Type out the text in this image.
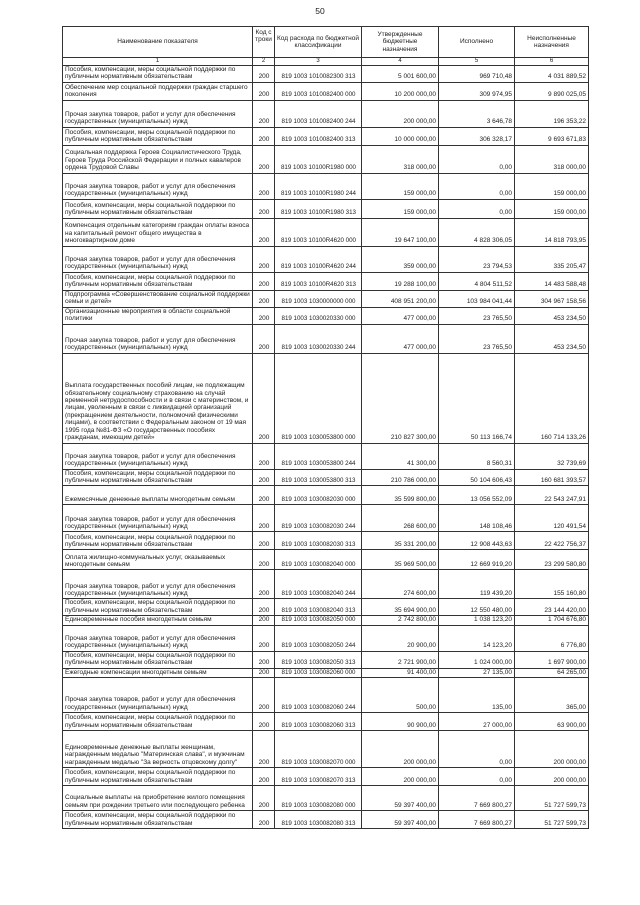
50
Наименование показателя	Код строки	Код расхода по бюджетной классификации	Утвержденные бюджетные назначения	Исполнено	Неисполненные назначения
1	2	3	4	5	6
Пособия, компенсации, меры социальной поддержки по публичным нормативным обязательствам	200	819 1003 1010082300 313	5 001 600,00	969 710,48	4 031 889,52
Обеспечение мер социальной поддержки граждан старшего поколения	200	819 1003 1010082400 000	10 200 000,00	309 974,95	9 890 025,05
Прочая закупка товаров, работ и услуг для обеспечения государственных (муниципальных) нужд	200	819 1003 1010082400 244	200 000,00	3 646,78	196 353,22
Пособия, компенсации, меры социальной поддержки по публичным нормативным обязательствам	200	819 1003 1010082400 313	10 000 000,00	306 328,17	9 693 671,83
Социальная поддержка Героев Социалистического Труда, Героев Труда Российской Федерации и полных кавалеров ордена Трудовой Славы	200	819 1003 10100R1980 000	318 000,00	0,00	318 000,00
Прочая закупка товаров, работ и услуг для обеспечения государственных (муниципальных) нужд	200	819 1003 10100R1980 244	159 000,00	0,00	159 000,00
Пособия, компенсации, меры социальной поддержки по публичным нормативным обязательствам	200	819 1003 10100R1980 313	159 000,00	0,00	159 000,00
Компенсация отдельным категориям граждан оплаты взноса на капитальный ремонт общего имущества в многоквартирном доме	200	819 1003 10100R4620 000	19 647 100,00	4 828 306,05	14 818 793,95
Прочая закупка товаров, работ и услуг для обеспечения государственных (муниципальных) нужд	200	819 1003 10100R4620 244	359 000,00	23 794,53	335 205,47
Пособия, компенсации, меры социальной поддержки по публичным нормативным обязательствам	200	819 1003 10100R4620 313	19 288 100,00	4 804 511,52	14 483 588,48
Подпрограмма «Совершенствование социальной поддержки семьи и детей»	200	819 1003 1030000000 000	408 951 200,00	103 984 041,44	304 967 158,56
Организационные мероприятия в области социальной политики	200	819 1003 1030020330 000	477 000,00	23 765,50	453 234,50
Прочая закупка товаров, работ и услуг для обеспечения государственных (муниципальных) нужд	200	819 1003 1030020330 244	477 000,00	23 765,50	453 234,50
Выплата государственных пособий лицам, не подлежащим обязательному социальному страхованию на случай временной нетрудоспособности и в связи с материнством, и лицам, уволенным в связи с ликвидацией организаций (прекращением деятельности, полномочий физическими лицами), в соответствии с Федеральным законом от 19 мая 1995 года №81-ФЗ «О государственных пособиях гражданам, имеющим детей»	200	819 1003 1030053800 000	210 827 300,00	50 113 166,74	160 714 133,26
Прочая закупка товаров, работ и услуг для обеспечения государственных (муниципальных) нужд	200	819 1003 1030053800 244	41 300,00	8 560,31	32 739,69
Пособия, компенсации, меры социальной поддержки по публичным нормативным обязательствам	200	819 1003 1030053800 313	210 786 000,00	50 104 606,43	160 681 393,57
Ежемесячные денежные выплаты многодетным семьям	200	819 1003 1030082030 000	35 599 800,00	13 056 552,09	22 543 247,91
Прочая закупка товаров, работ и услуг для обеспечения государственных (муниципальных) нужд	200	819 1003 1030082030 244	268 600,00	148 108,46	120 491,54
Пособия, компенсации, меры социальной поддержки по публичным нормативным обязательствам	200	819 1003 1030082030 313	35 331 200,00	12 908 443,63	22 422 756,37
Оплата жилищно-коммунальных услуг, оказываемых многодетным семьям	200	819 1003 1030082040 000	35 969 500,00	12 669 919,20	23 299 580,80
Прочая закупка товаров, работ и услуг для обеспечения государственных (муниципальных) нужд	200	819 1003 1030082040 244	274 600,00	119 439,20	155 160,80
Пособия, компенсации, меры социальной поддержки по публичным нормативным обязательствам	200	819 1003 1030082040 313	35 694 900,00	12 550 480,00	23 144 420,00
Единовременные пособия многодетным семьям	200	819 1003 1030082050 000	2 742 800,00	1 038 123,20	1 704 676,80
Прочая закупка товаров, работ и услуг для обеспечения государственных (муниципальных) нужд	200	819 1003 1030082050 244	20 900,00	14 123,20	6 776,80
Пособия, компенсации, меры социальной поддержки по публичным нормативным обязательствам	200	819 1003 1030082050 313	2 721 900,00	1 024 000,00	1 697 900,00
Ежегодные компенсации многодетным семьям	200	819 1003 1030082060 000	91 400,00	27 135,00	64 265,00
Прочая закупка товаров, работ и услуг для обеспечения государственных (муниципальных) нужд	200	819 1003 1030082060 244	500,00	135,00	365,00
Пособия, компенсации, меры социальной поддержки по публичным нормативным обязательствам	200	819 1003 1030082060 313	90 900,00	27 000,00	63 900,00
Единовременные денежные выплаты женщинам, награжденным медалью "Материнская слава", и мужчинам награжденным медалью "За верность отцовскому долгу"	200	819 1003 1030082070 000	200 000,00	0,00	200 000,00
Пособия, компенсации, меры социальной поддержки по публичным нормативным обязательствам	200	819 1003 1030082070 313	200 000,00	0,00	200 000,00
Социальные выплаты на приобретение жилого помещения семьям при рождении третьего или последующего ребенка	200	819 1003 1030082080 000	59 397 400,00	7 669 800,27	51 727 599,73
Пособия, компенсации, меры социальной поддержки по публичным нормативным обязательствам	200	819 1003 1030082080 313	59 397 400,00	7 669 800,27	51 727 599,73
